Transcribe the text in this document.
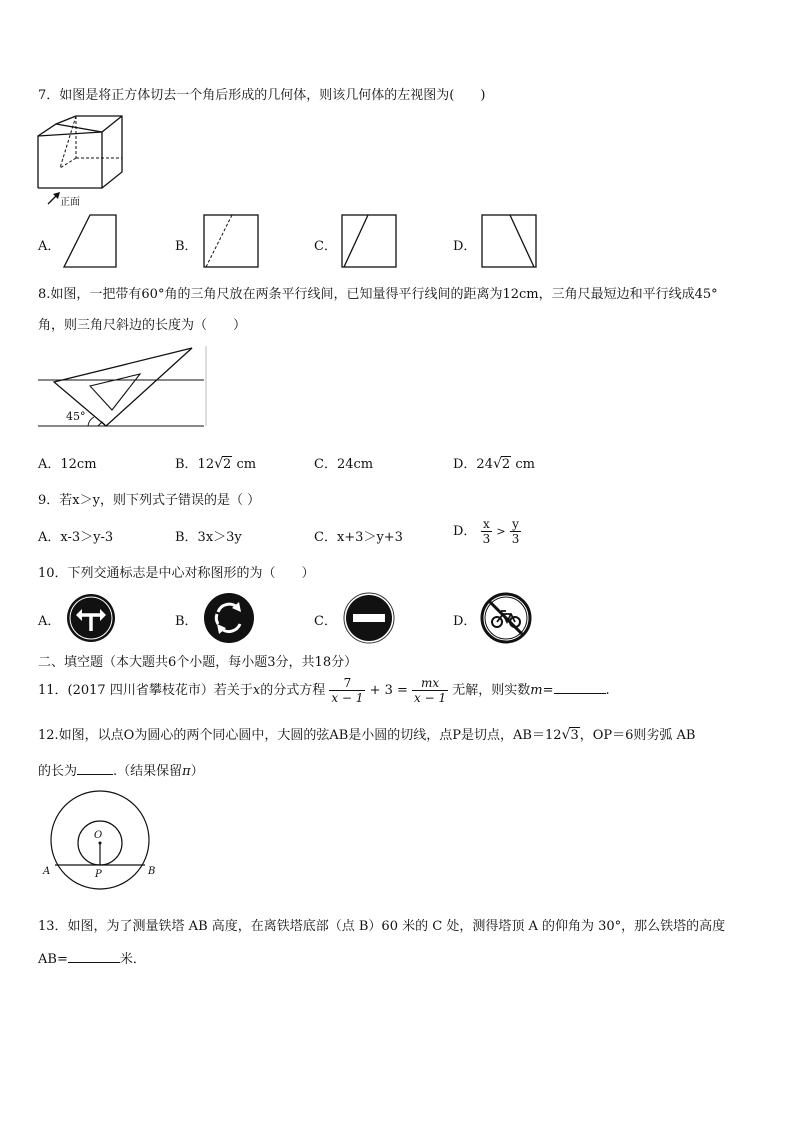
7．如图是将正方体切去一个角后形成的几何体，则该几何体的左视图为(　　)
正面
A．	B．	C．	D．
8.如图，一把带有60°角的三角尺放在两条平行线间，已知量得平行线间的距离为12cm，三角尺最短边和平行线成45°
角，则三角尺斜边的长度为（　　）
45°
A．12cm	B．12√2 cm	C．24cm	D．24√2 cm
9．若x＞y，则下列式子错误的是（ ）
A．x-3＞y-3	B．3x＞3y	C．x+3＞y+3	D． $\frac{x}{3} > \frac{y}{3}$
10．下列交通标志是中心对称图形的为（　　）
A．	B．	C．	D．
二、填空题（本大题共6个小题，每小题3分，共18分）
11．(2017 四川省攀枝花市）若关于x的分式方程 $\frac{7}{x - 1} + 3 = \frac{mx}{x - 1}$ 无解，则实数m=	.
12.如图，以点O为圆心的两个同心圆中，大圆的弦AB是小圆的切线，点P是切点，AB＝12√3，OP＝6则劣弧 AB
的长为	.（结果保留π）
O
P
A	B
13．如图，为了测量铁塔 AB 高度，在离铁塔底部（点 B）60 米的 C 处，测得塔顶 A 的仰角为 30°，那么铁塔的高度
AB=	米．
